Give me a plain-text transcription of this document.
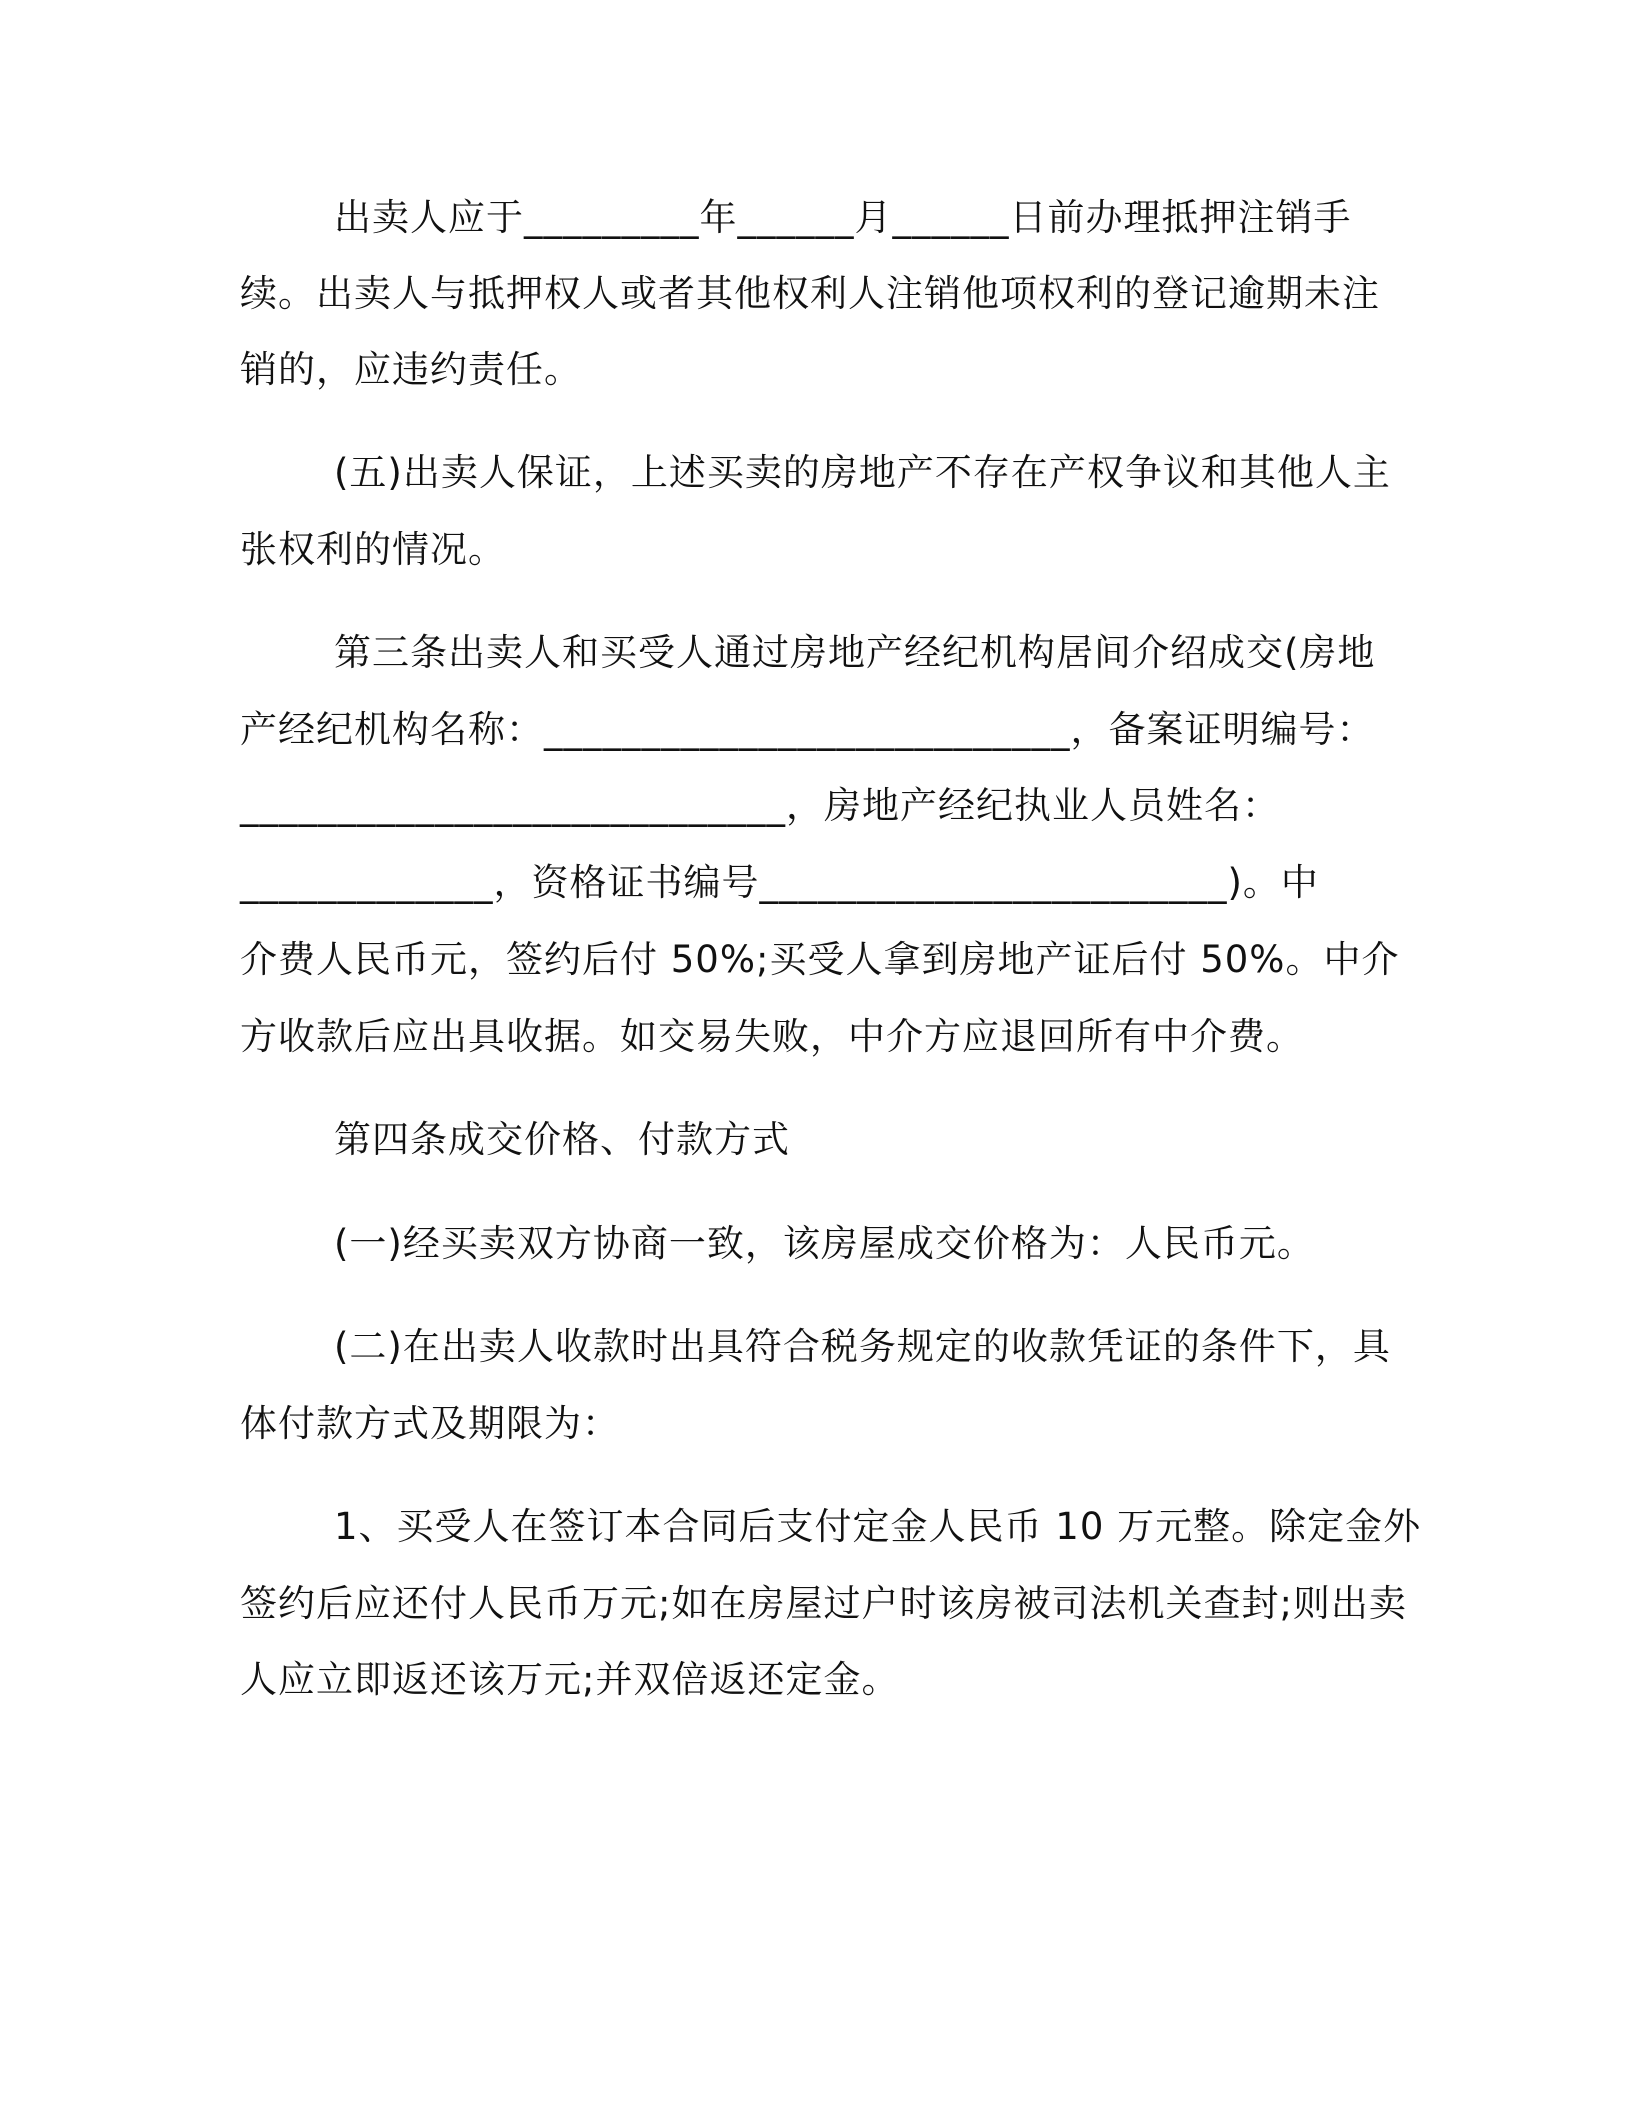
出卖人应于_________年______月______日前办理抵押注销手
续。出卖人与抵押权人或者其他权利人注销他项权利的登记逾期未注
销的，应违约责任。
(五)出卖人保证，上述买卖的房地产不存在产权争议和其他人主
张权利的情况。
第三条出卖人和买受人通过房地产经纪机构居间介绍成交(房地
产经纪机构名称：___________________________，备案证明编号：
____________________________，房地产经纪执业人员姓名：
_____________，资格证书编号________________________)。中
介费人民币元，签约后付 50%;买受人拿到房地产证后付 50%。中介
方收款后应出具收据。如交易失败，中介方应退回所有中介费。
第四条成交价格、付款方式
(一)经买卖双方协商一致，该房屋成交价格为：人民币元。
(二)在出卖人收款时出具符合税务规定的收款凭证的条件下，具
体付款方式及期限为：
1、买受人在签订本合同后支付定金人民币 10 万元整。除定金外
签约后应还付人民币万元;如在房屋过户时该房被司法机关查封;则出卖
人应立即返还该万元;并双倍返还定金。
